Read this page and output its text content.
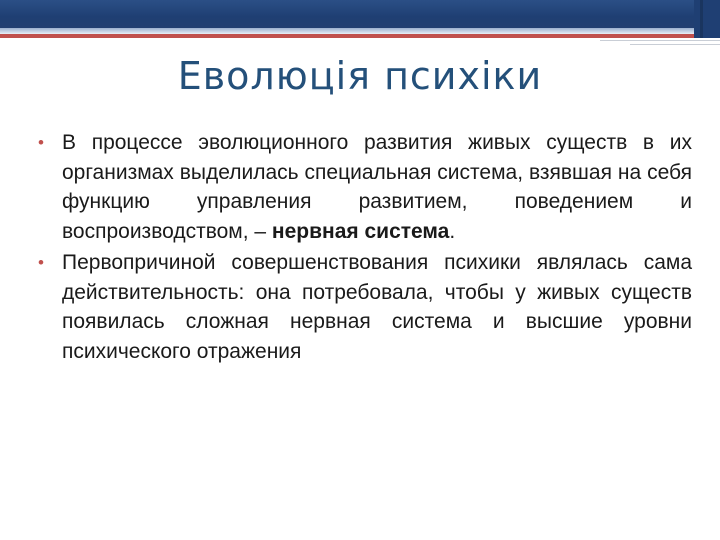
Еволюція психіки
• В процессе эволюционного развития живых существ в их организмах выделилась специальная система, взявшая на себя функцию управления развитием, поведением и воспроизводством, – нервная система.
• Первопричиной совершенствования психики являлась сама действительность: она потребовала, чтобы у живых существ появилась сложная нервная система и высшие уровни психического отражения
